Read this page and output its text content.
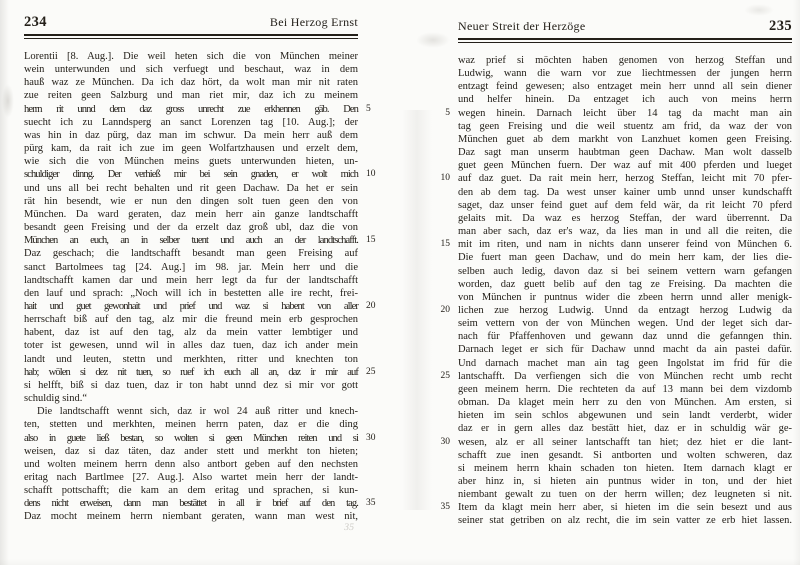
234	Bei Herzog Ernst
Lorentii [8. Aug.]. Die weil heten sich die von München meiner
wein unterwunden und sich verfuegt und beschaut, waz in dem
hauß waz ze München. Da ich daz hört, da wolt man mir nit raten
zue reiten geen Salzburg und man riet mir, daz ich zu meinem
herrn rit unnd dem daz gross unrecht zue erkhennen gäb. Den 5
suecht ich zu Lanndsperg an sanct Lorenzen tag [10. Aug.]; der
was hin in daz pürg, daz man im schwur. Da mein herr auß dem
pürg kam, da rait ich zue im geen Wolfartzhausen und erzelt dem,
wie sich die von München meins guets unterwunden hieten, un-
schuldiger dinng. Der verhieß mir bei sein gnaden, er wolt mich 10
und uns all bei recht behalten und rit geen Dachaw. Da het er sein
rät hin besendt, wie er nun den dingen solt tuen geen den von
München. Da ward geraten, daz mein herr ain ganze landtschafft
besandt geen Freising und der da erzelt daz groß ubl, daz die von
München an euch, an in selber tuent und auch an der landtschafft. 15
Daz geschach; die landtschafft besandt man geen Freising auf
sanct Bartolmees tag [24. Aug.] im 98. jar. Mein herr und die
landtschafft kamen dar und mein herr legt da fur der landtschafft
den lauf und sprach: „Noch will ich in bestetten alle ire recht, frei-
hait und guet gewonhait und prief und waz si habent von aller 20
herrschaft biß auf den tag, alz mir die freund mein erb gesprochen
habent, daz ist auf den tag, alz da mein vatter lembtiger und
toter ist gewesen, unnd wil in alles daz tuen, daz ich ander mein
landt und leuten, stettn und merkhten, ritter und knechten ton
hab; wölen si dez nit tuen, so ruef ich euch all an, daz ir mir auf 25
si helfft, biß si daz tuen, daz ir ton habt unnd dez si mir vor gott
schuldig sind.“
Die landtschafft wennt sich, daz ir wol 24 auß ritter und knech-
ten, stetten und merkhten, meinen herrn paten, daz er die ding
also in guete ließ bestan, so wolten si geen München reiten und si 30
weisen, daz si daz täten, daz ander stett und merkht ton hieten;
und wolten meinem herrn denn also antbort geben auf den nechsten
eritag nach Bartlmee [27. Aug.]. Also wartet mein herr der landt-
schafft pottschafft; die kam an dem eritag und sprachen, si kun-
dens nicht erweisen, dann man bestättet in all ir brief auf den tag. 35
Daz mocht meinem herrn niembant geraten, wann man west nit,
35
Neuer Streit der Herzöge	235
waz prief si möchten haben genomen von herzog Steffan und
Ludwig, wann die warn vor zue liechtmessen der jungen herrn
entzagt feind gewesen; also entzaget mein herr unnd all sein diener
und helfer hinein. Da entzaget ich auch von meins herrn
wegen hinein. Darnach leicht über 14 tag da macht man ain
5
tag geen Freising und die weil stuentz am frid, da waz der von
München guet ab dem markht von Lanzhuet komen geen Freising.
Daz sagt man unserm haubtman geen Dachaw. Man wolt dasselb
guet geen München fuern. Der waz auf mit 400 pferden und lueget
auf daz guet. Da rait mein herr, herzog Steffan, leicht mit 70 pfer-
10
den ab dem tag. Da west unser kainer umb unnd unser kundschafft
saget, daz unser feind guet auf dem feld wär, da rit leicht 70 pferd
gelaits mit. Da waz es herzog Steffan, der ward überrennt. Da
man aber sach, daz er's waz, da lies man in und all die reiten, die
mit im riten, und nam in nichts dann unserer feind von München 6.
15
Die fuert man geen Dachaw, und do mein herr kam, der lies die-
selben auch ledig, davon daz si bei seinem vettern warn gefangen
worden, daz guett belib auf den tag ze Freising. Da machten die
von München ir puntnus wider die zbeen herrn unnd aller menigk-
lichen zue herzog Ludwig. Unnd da entzagt herzog Ludwig da
20
seim vettern von der von München wegen. Und der leget sich dar-
nach für Pfaffenhoven und gewann daz unnd die gefanngen thin.
Darnach leget er sich für Dachaw unnd macht da ain pastei dafür.
Und darnach machet man ain tag geen Ingolstat im frid für die
lantschafft. Da verfiengen sich die von München recht umb recht
25
geen meinem herrn. Die rechteten da auf 13 mann bei dem vizdomb
obman. Da klaget mein herr zu den von München. Am ersten, si
hieten im sein schlos abgewunen und sein landt verderbt, wider
daz er in gern alles daz bestätt hiet, daz er in schuldig wär ge-
wesen, alz er all seiner lantschafft tan hiet; dez hiet er die lant-
30
schafft zue inen gesandt. Si antborten und wolten schweren, daz
si meinem herrn khain schaden ton hieten. Item darnach klagt er
aber hinz in, si hieten ain puntnus wider in ton, und der hiet
niembant gewalt zu tuen on der herrn willen; dez leugneten si nit.
Item da klagt mein herr aber, si hieten im die sein besezt und aus
35
seiner stat getriben on alz recht, die im sein vatter ze erb hiet lassen.
